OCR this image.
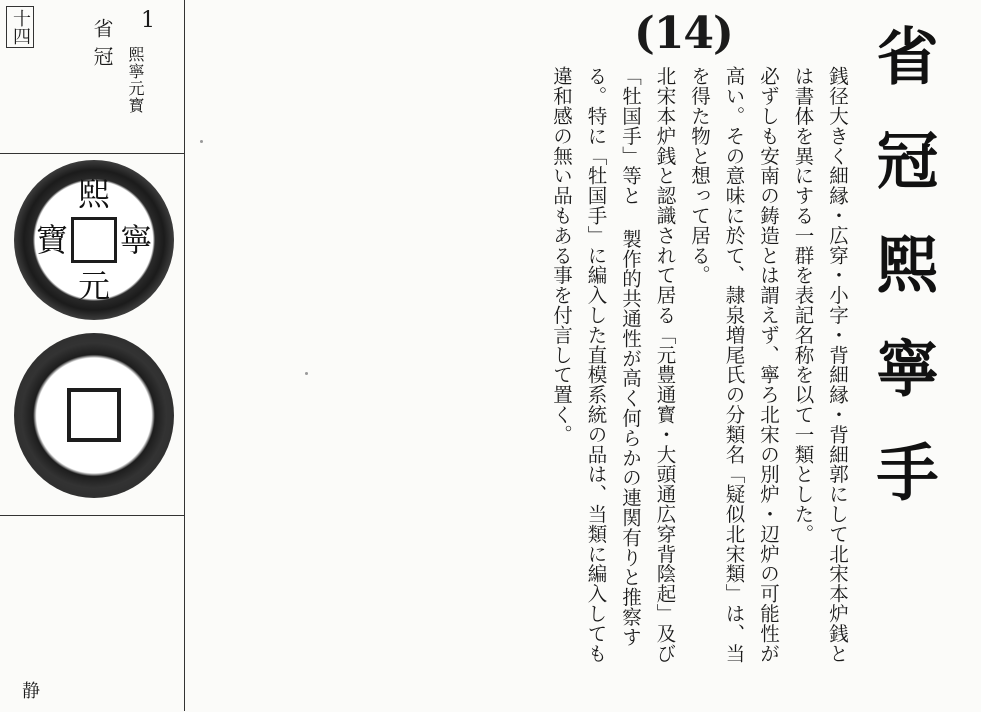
十四	省冠 1
熙寧元寳
熙
寧
元
寶
静
(14) 省冠熙寧手

銭径大きく細縁・広穿・小字・背細縁・背細郭にして北宋本炉銭とは書体を異にする一群を表記名称を以て一類とした。

必ずしも安南の鋳造とは謂えず、寧ろ北宋の別炉・辺炉の可能性が高い。その意味に於て、隷泉増尾氏の分類名「疑似北宋類」は、当を得た物と想って居る。

北宋本炉銭と認識されて居る「元豊通寳・大頭通広穿背陰起」及び「牡国手」等と 製作的共通性が高く何らかの連関有りと推察する。特に「牡国手」に編入した直模系統の品は、当類に編入しても違和感の無い品もある事を付言して置く。
